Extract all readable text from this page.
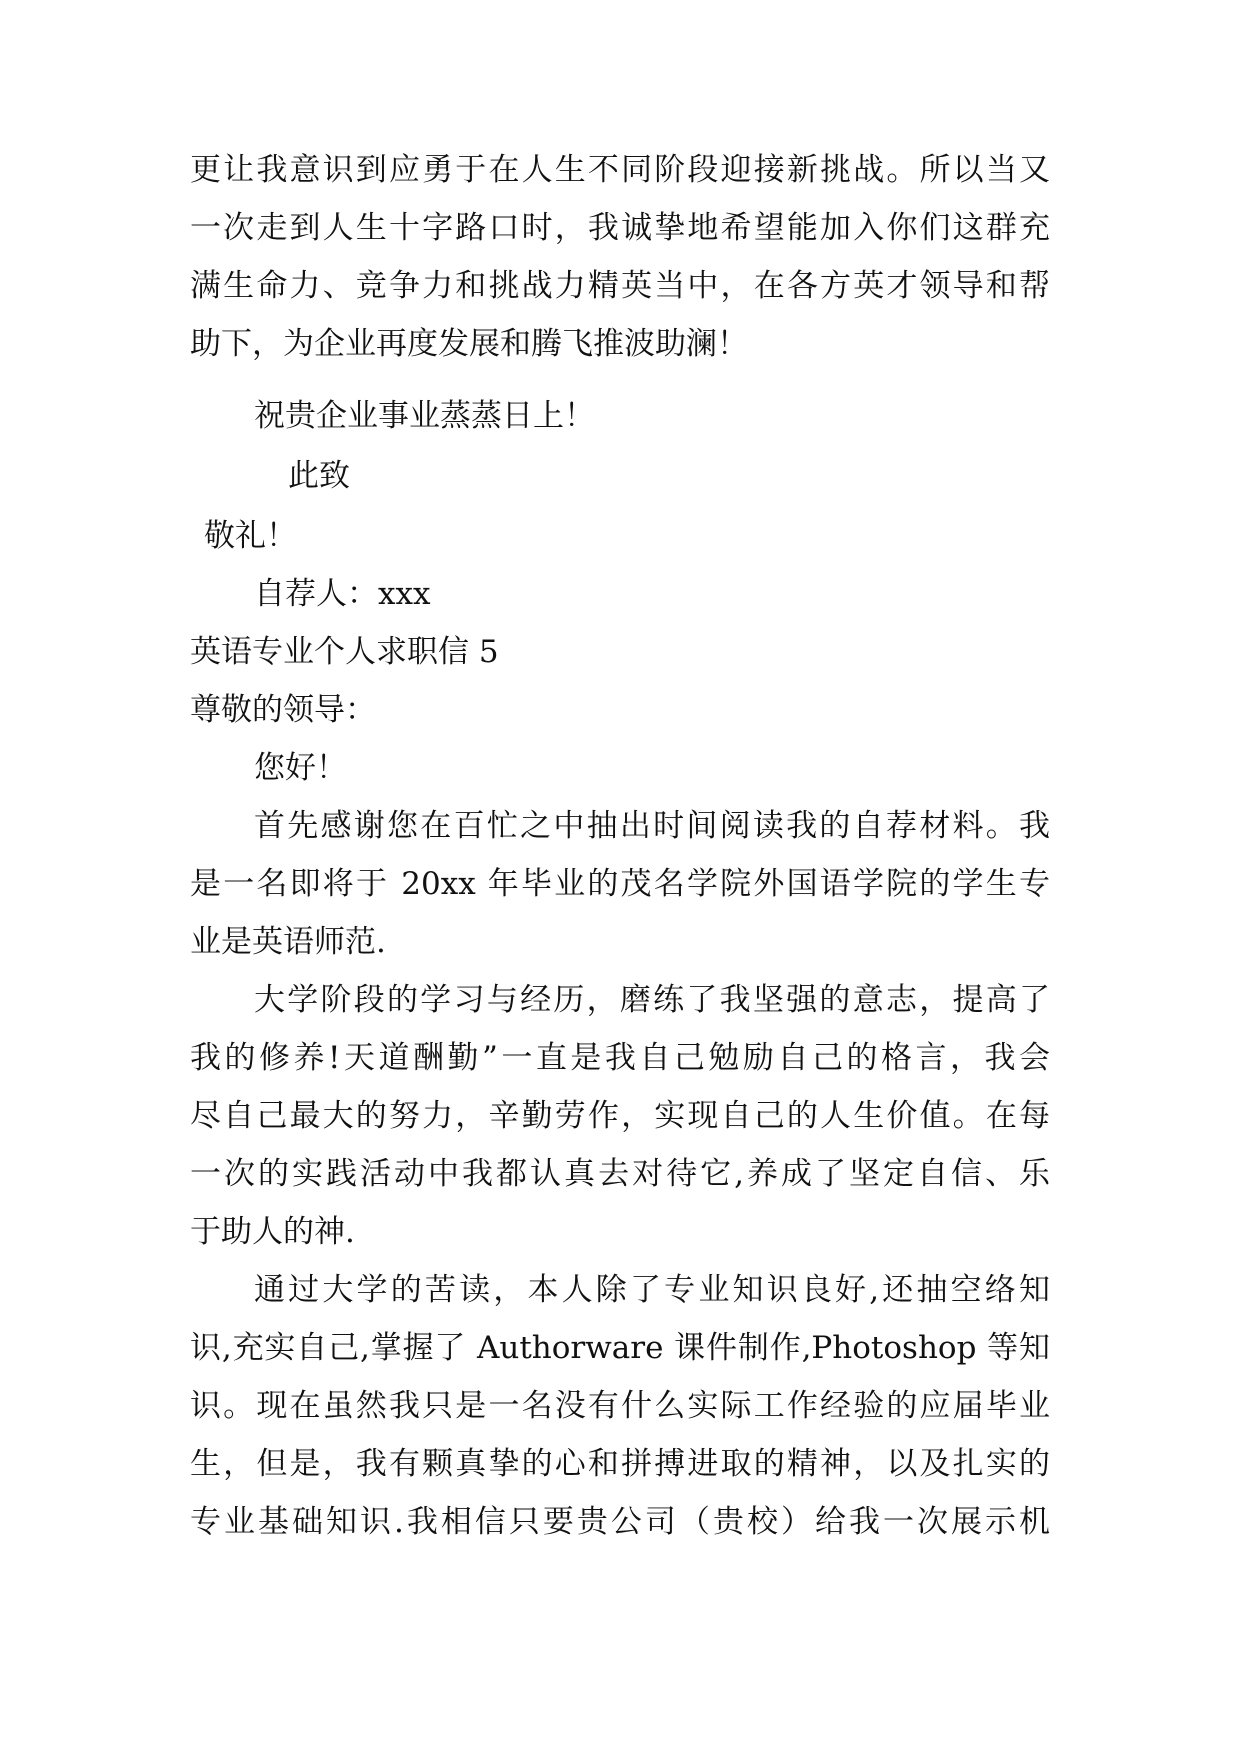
更让我意识到应勇于在人生不同阶段迎接新挑战。所以当又

一次走到人生十字路口时，我诚挚地希望能加入你们这群充

满生命力、竞争力和挑战力精英当中，在各方英才领导和帮

助下，为企业再度发展和腾飞推波助澜！

祝贵企业事业蒸蒸日上！

此致

敬礼！

自荐人：xxx

英语专业个人求职信 5

尊敬的领导：

您好！

首先感谢您在百忙之中抽出时间阅读我的自荐材料。我

是一名即将于 20xx 年毕业的茂名学院外国语学院的学生专

业是英语师范.

大学阶段的学习与经历，磨练了我坚强的意志，提高了

我的修养!天道酬勤”一直是我自己勉励自己的格言，我会

尽自己最大的努力，辛勤劳作，实现自己的人生价值。在每

一次的实践活动中我都认真去对待它,养成了坚定自信、乐

于助人的神.

通过大学的苦读，本人除了专业知识良好,还抽空络知

识,充实自己,掌握了 Authorware 课件制作,Photoshop 等知

识。现在虽然我只是一名没有什么实际工作经验的应届毕业

生，但是，我有颗真挚的心和拼搏进取的精神，以及扎实的

专业基础知识.我相信只要贵公司（贵校）给我一次展示机
